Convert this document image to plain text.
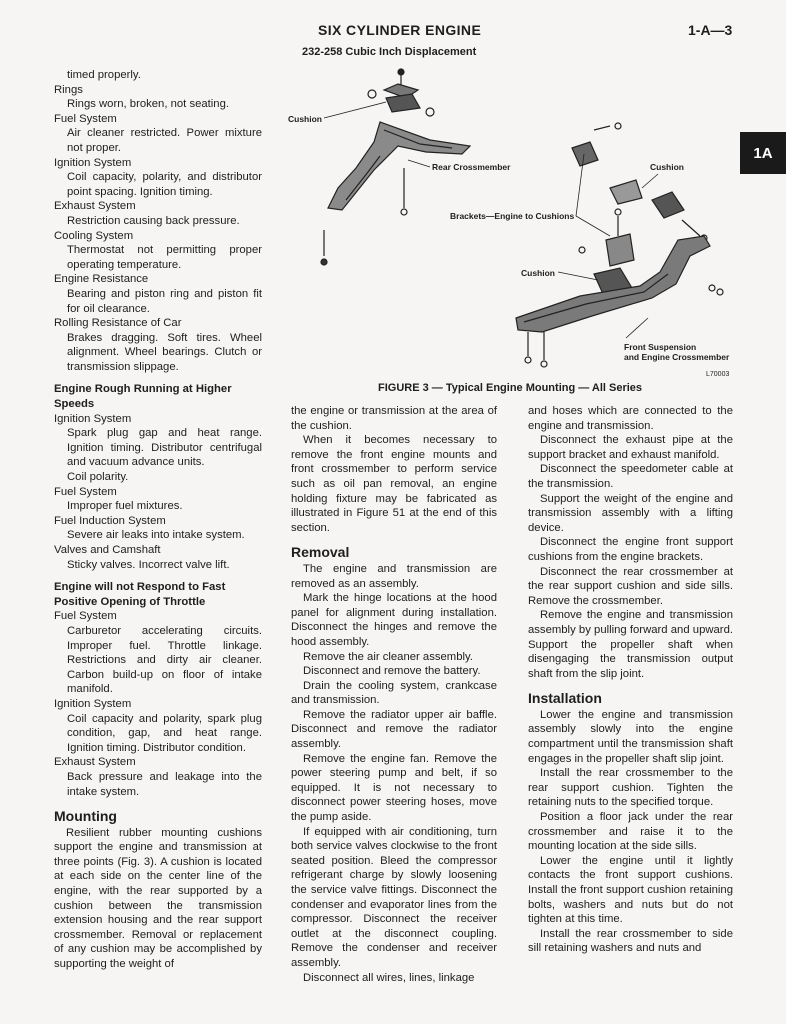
SIX CYLINDER ENGINE
232-258 Cubic Inch Displacement
1-A—3
1A
timed properly.
Rings
Rings worn, broken, not seating.
Fuel System
Air cleaner restricted. Power mixture not proper.
Ignition System
Coil capacity, polarity, and distributor point spacing. Ignition timing.
Exhaust System
Restriction causing back pressure.
Cooling System
Thermostat not permitting proper operating temperature.
Engine Resistance
Bearing and piston ring and piston fit for oil clearance.
Rolling Resistance of Car
Brakes dragging. Soft tires. Wheel alignment. Wheel bearings. Clutch or transmission slippage.
Engine Rough Running at Higher Speeds
Ignition System
Spark plug gap and heat range. Ignition timing. Distributor centrifugal and vacuum advance units.
Coil polarity.
Fuel System
Improper fuel mixtures.
Fuel Induction System
Severe air leaks into intake system.
Valves and Camshaft
Sticky valves. Incorrect valve lift.
Engine will not Respond to Fast Positive Opening of Throttle
Fuel System
Carburetor accelerating circuits. Improper fuel. Throttle linkage. Restrictions and dirty air cleaner. Carbon build-up on floor of intake manifold.
Ignition System
Coil capacity and polarity, spark plug condition, gap, and heat range. Ignition timing. Distributor condition.
Exhaust System
Back pressure and leakage into the intake system.
Mounting
Resilient rubber mounting cushions support the engine and transmission at three points (Fig. 3). A cushion is located at each side on the center line of the engine, with the rear supported by a cushion between the transmission extension housing and the rear support crossmember. Removal or replacement of any cushion may be accomplished by supporting the weight of
the engine or transmission at the area of the cushion.
When it becomes necessary to remove the front engine mounts and front crossmember to perform service such as oil pan removal, an engine holding fixture may be fabricated as illustrated in Figure 51 at the end of this section.
Removal
The engine and transmission are removed as an assembly.
Mark the hinge locations at the hood panel for alignment during installation. Disconnect the hinges and remove the hood assembly.
Remove the air cleaner assembly.
Disconnect and remove the battery.
Drain the cooling system, crankcase and transmission.
Remove the radiator upper air baffle. Disconnect and remove the radiator assembly.
Remove the engine fan. Remove the power steering pump and belt, if so equipped. It is not necessary to disconnect power steering hoses, move the pump aside.
If equipped with air conditioning, turn both service valves clockwise to the front seated position. Bleed the compressor refrigerant charge by slowly loosening the service valve fittings. Disconnect the condenser and evaporator lines from the compressor. Disconnect the receiver outlet at the disconnect coupling. Remove the condenser and receiver assembly.
Disconnect all wires, lines, linkage
and hoses which are connected to the engine and transmission.
Disconnect the exhaust pipe at the support bracket and exhaust manifold.
Disconnect the speedometer cable at the transmission.
Support the weight of the engine and transmission assembly with a lifting device.
Disconnect the engine front support cushions from the engine brackets.
Disconnect the rear crossmember at the rear support cushion and side sills. Remove the crossmember.
Remove the engine and transmission assembly by pulling forward and upward. Support the propeller shaft when disengaging the transmission output shaft from the slip joint.
Installation
Lower the engine and transmission assembly slowly into the engine compartment until the transmission shaft engages in the propeller shaft slip joint.
Install the rear crossmember to the rear support cushion. Tighten the retaining nuts to the specified torque.
Position a floor jack under the rear crossmember and raise it to the mounting location at the side sills.
Lower the engine until it lightly contacts the front support cushions. Install the front support cushion retaining bolts, washers and nuts but do not tighten at this time.
Install the rear crossmember to side sill retaining washers and nuts and
Cushion
Rear Crossmember	Cushion
Brackets—Engine to Cushions
Cushion
Front Suspension
and Engine Crossmember
L70003
FIGURE 3 — Typical Engine Mounting — All Series
